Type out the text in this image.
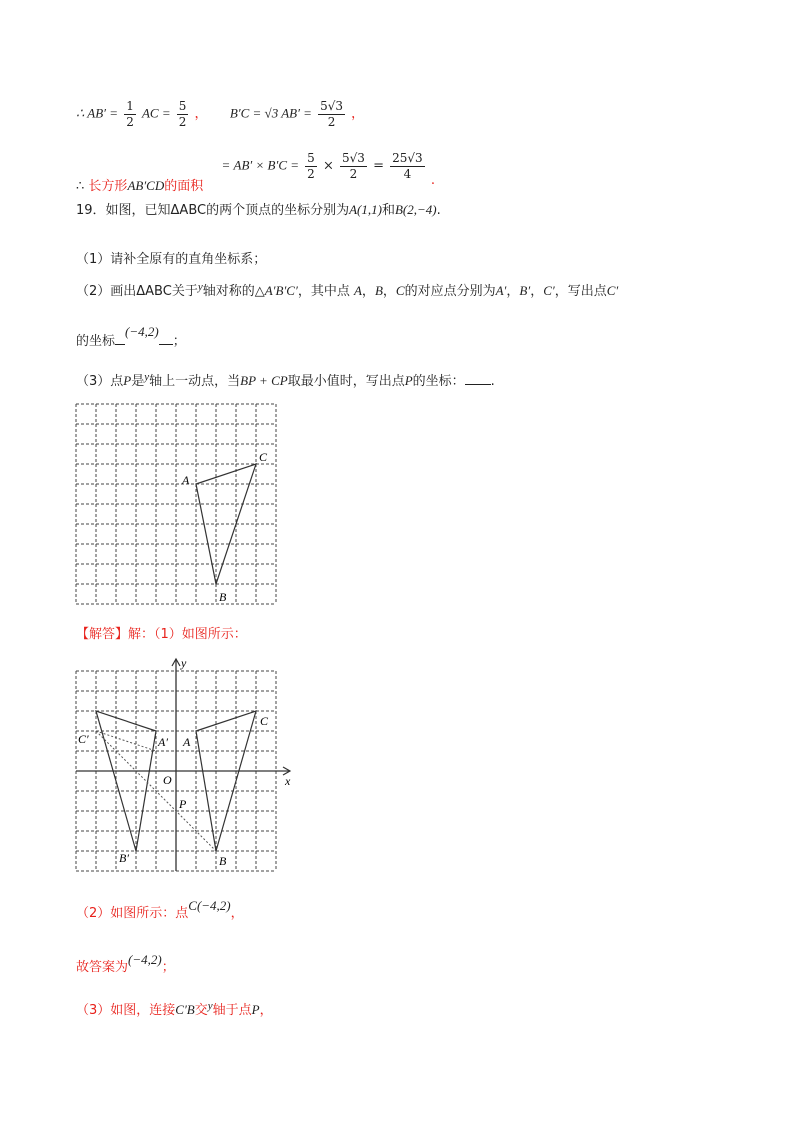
∴ $AB' = \frac{1}{2}$ AC = $\frac{5}{2}$ ， B′C = √3 $AB' = \frac{5√3}{2}$ ，
∴ 长方形AB′CD的面积  = $AB' \times B'C = \frac{5}{2} \times \frac{5√3}{2} = \frac{25√3}{4}$ .
19．如图，已知ΔABC的两个顶点的坐标分别为A(1,1)和B(2,−4).
（1）请补全原有的直角坐标系；
（2）画出ΔABC关于$^y$轴对称的△A′B′C′，其中点 A，B，C的对应点分别为A′，B′，C′，写出点C′
的坐标(−4,2)；
（3）点P是$^y$轴上一动点，当BP + CP取最小值时，写出点P的坐标： .
A
C
B
【解答】解：（1）如图所示：
y
x
O
A
A′
C
C′
B
B′
P
（2）如图所示：点C(−4,2)，
故答案为(−4,2)；
（3）如图，连接C′B交$^y$轴于点P，
